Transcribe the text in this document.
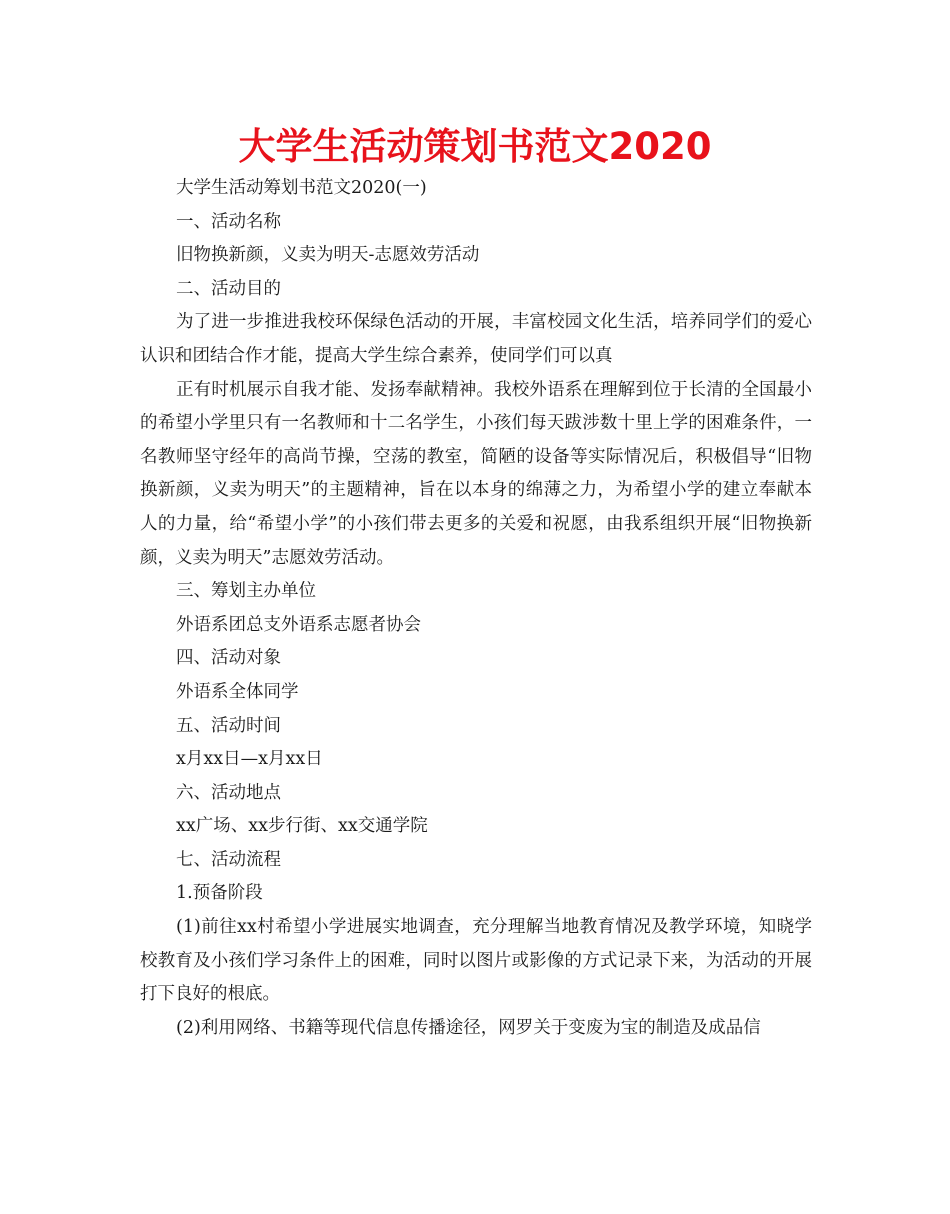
大学生活动策划书范文2020

大学生活动筹划书范文2020(一)

一、活动名称

旧物换新颜，义卖为明天-志愿效劳活动

二、活动目的

为了进一步推进我校环保绿色活动的开展，丰富校园文化生活，培养同学们的爱心认识和团结合作才能，提高大学生综合素养，使同学们可以真

正有时机展示自我才能、发扬奉献精神。我校外语系在理解到位于长清的全国最小的希望小学里只有一名教师和十二名学生，小孩们每天跋涉数十里上学的困难条件，一名教师坚守经年的高尚节操，空荡的教室，简陋的设备等实际情况后，积极倡导“旧物换新颜，义卖为明天”的主题精神，旨在以本身的绵薄之力，为希望小学的建立奉献本人的力量，给“希望小学”的小孩们带去更多的关爱和祝愿，由我系组织开展“旧物换新颜，义卖为明天”志愿效劳活动。

三、筹划主办单位

外语系团总支外语系志愿者协会

四、活动对象

外语系全体同学

五、活动时间

x月xx日—x月xx日

六、活动地点

xx广场、xx步行街、xx交通学院

七、活动流程

1.预备阶段

(1)前往xx村希望小学进展实地调查，充分理解当地教育情况及教学环境，知晓学校教育及小孩们学习条件上的困难，同时以图片或影像的方式记录下来，为活动的开展打下良好的根底。

(2)利用网络、书籍等现代信息传播途径，网罗关于变废为宝的制造及成品信
